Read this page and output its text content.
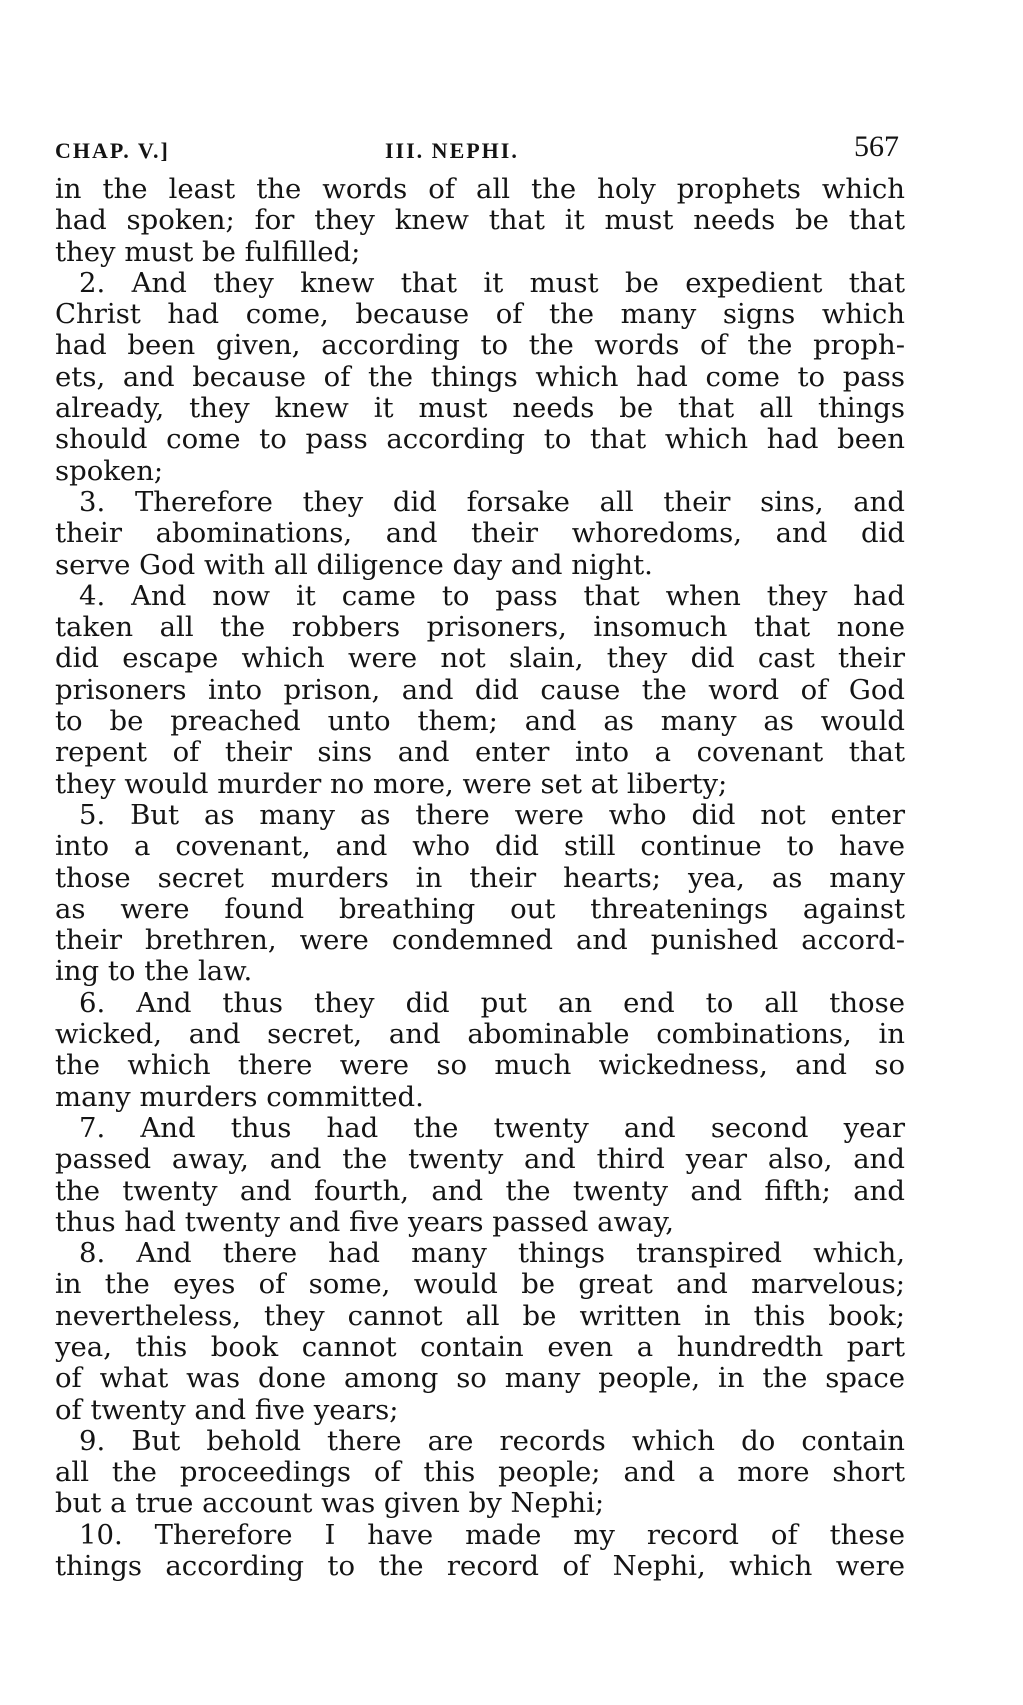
CHAP. V.]	III. NEPHI.	567
in the least the words of all the holy prophets which
had spoken; for they knew that it must needs be that
they must be fulfilled;
2. And they knew that it must be expedient that
Christ had come, because of the many signs which
had been given, according to the words of the proph-
ets, and because of the things which had come to pass
already, they knew it must needs be that all things
should come to pass according to that which had been
spoken;
3. Therefore they did forsake all their sins, and
their abominations, and their whoredoms, and did
serve God with all diligence day and night.
4. And now it came to pass that when they had
taken all the robbers prisoners, insomuch that none
did escape which were not slain, they did cast their
prisoners into prison, and did cause the word of God
to be preached unto them; and as many as would
repent of their sins and enter into a covenant that
they would murder no more, were set at liberty;
5. But as many as there were who did not enter
into a covenant, and who did still continue to have
those secret murders in their hearts; yea, as many
as were found breathing out threatenings against
their brethren, were condemned and punished accord-
ing to the law.
6. And thus they did put an end to all those
wicked, and secret, and abominable combinations, in
the which there were so much wickedness, and so
many murders committed.
7. And thus had the twenty and second year
passed away, and the twenty and third year also, and
the twenty and fourth, and the twenty and fifth; and
thus had twenty and five years passed away,
8. And there had many things transpired which,
in the eyes of some, would be great and marvelous;
nevertheless, they cannot all be written in this book;
yea, this book cannot contain even a hundredth part
of what was done among so many people, in the space
of twenty and five years;
9. But behold there are records which do contain
all the proceedings of this people; and a more short
but a true account was given by Nephi;
10. Therefore I have made my record of these
things according to the record of Nephi, which were
